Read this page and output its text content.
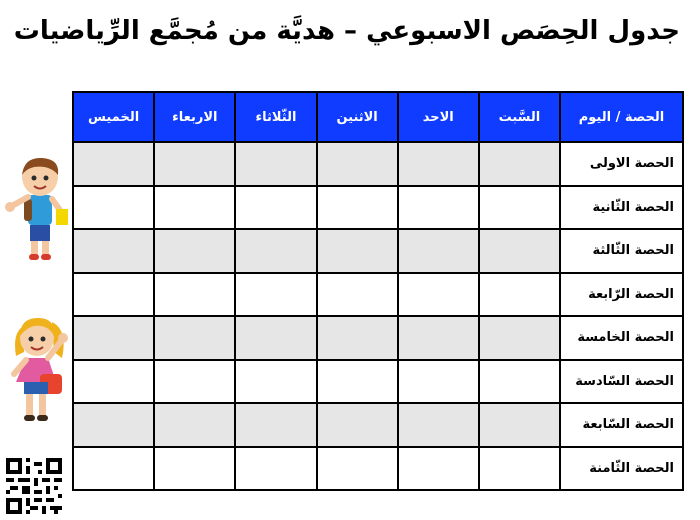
جدول الحِصَص الاسبوعي – هديَّة من مُجمَّع الرِّياضيات
الحصة / اليوم	السَّبت	الاحد	الاثنين	الثّلاثاء	الاربعاء	الخميس
الحصة الاولى						
الحصة الثّانية						
الحصة الثّالثة						
الحصة الرّابعة						
الحصة الخامسة						
الحصة السّادسة						
الحصة السّابعة						
الحصة الثّامنة						
